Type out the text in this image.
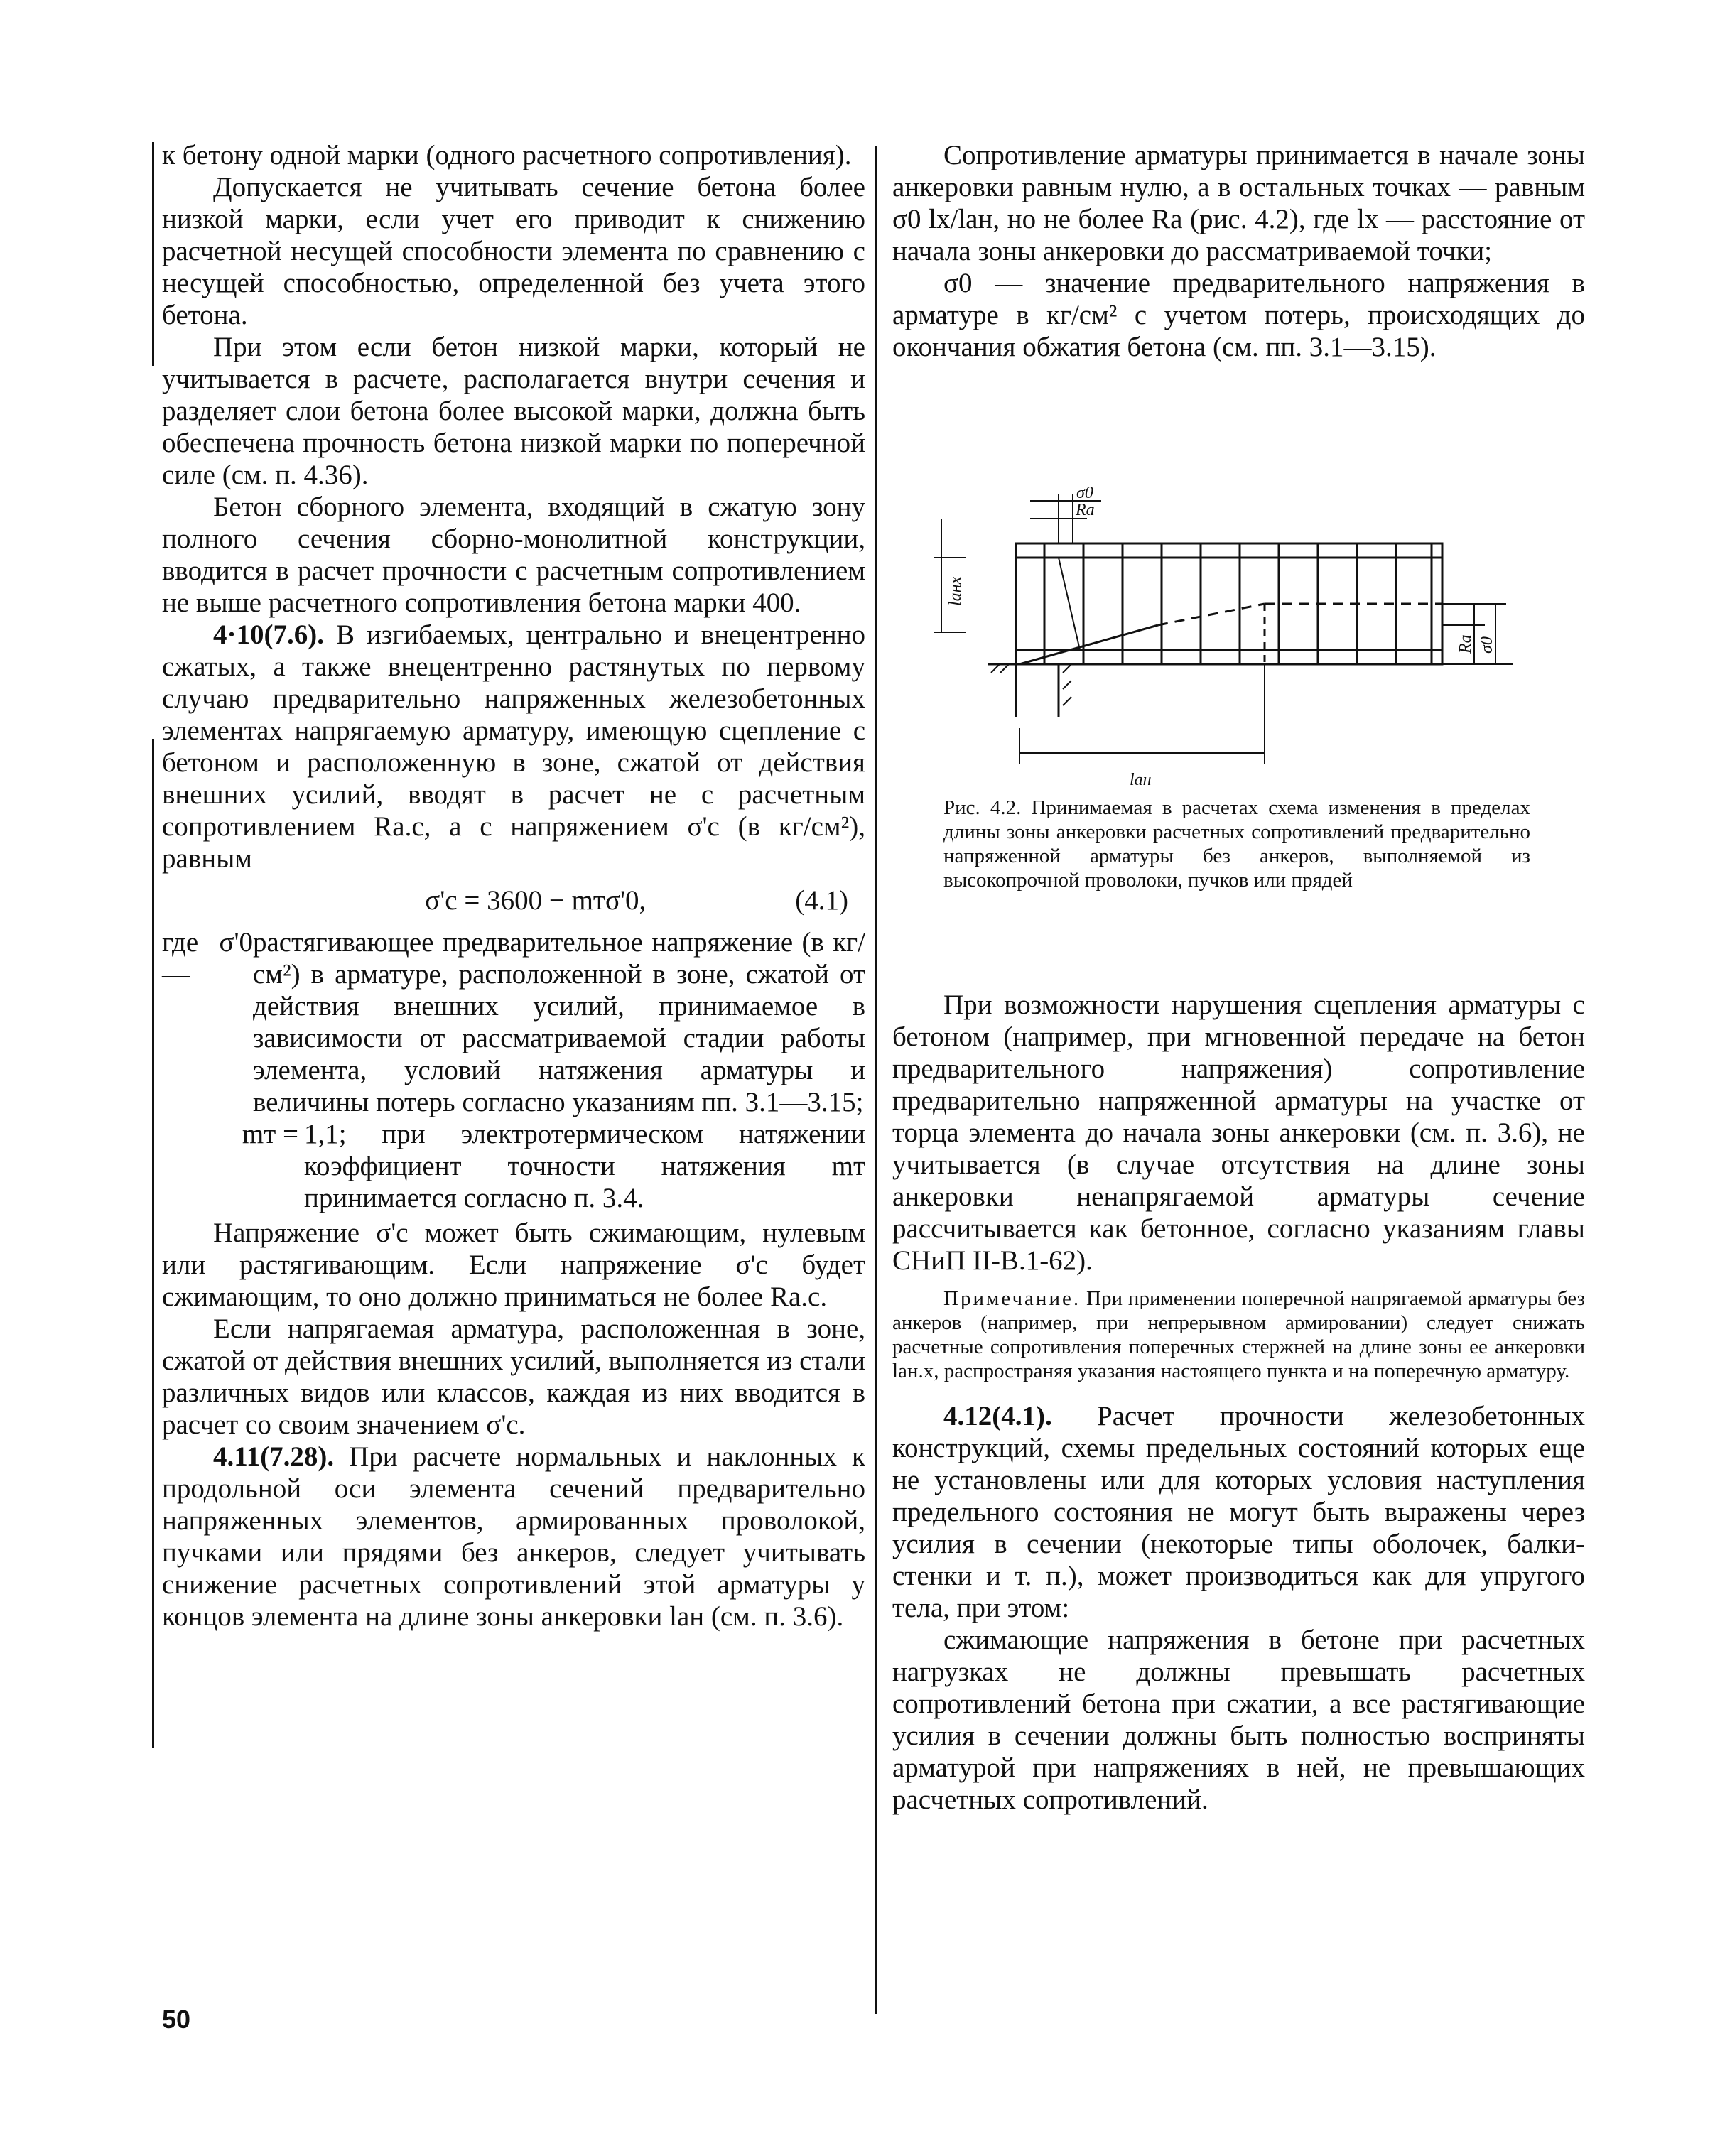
к бетону одной марки (одного расчетного сопротивления).

Допускается не учитывать сечение бетона более низкой марки, если учет его приводит к снижению расчетной несущей способности элемента по сравнению с несущей способностью, определенной без учета этого бетона.

При этом если бетон низкой марки, который не учитывается в расчете, располагается внутри сечения и разделяет слои бетона более высокой марки, должна быть обеспечена прочность бетона низкой марки по поперечной силе (см. п. 4.36).

Бетон сборного элемента, входящий в сжатую зону полного сечения сборно-монолитной конструкции, вводится в расчет прочности с расчетным сопротивлением не выше расчетного сопротивления бетона марки 400.

4·10(7.6). В изгибаемых, центрально и внецентренно сжатых, а также внецентренно растянутых по первому случаю предварительно напряженных железобетонных элементах напрягаемую арматуру, имеющую сцепление с бетоном и расположенную в зоне, сжатой от действия внешних усилий, вводят в расчет не с расчетным сопротивлением Rа.с, а с напряжением σ'с (в кг/см²), равным

σ'с = 3600 − mтσ'0,	(4.1)

где σ'0 —
растягивающее предварительное напряжение (в кг/см²) в арматуре, расположенной в зоне, сжатой от действия внешних усилий, принимаемое в зависимости от рассматриваемой стадии работы элемента, условий натяжения арматуры и величины потерь согласно указаниям пп. 3.1—3.15;
mт = 1,1; при электротермическом натяжении коэффициент точности натяжения mт принимается согласно п. 3.4.

Напряжение σ'с может быть сжимающим, нулевым или растягивающим. Если напряжение σ'с будет сжимающим, то оно должно приниматься не более Rа.с.

Если напрягаемая арматура, расположенная в зоне, сжатой от действия внешних усилий, выполняется из стали различных видов или классов, каждая из них вводится в расчет со своим значением σ'с.

4.11(7.28). При расчете нормальных и наклонных к продольной оси элемента сечений предварительно напряженных элементов, армированных проволокой, пучками или прядями без анкеров, следует учитывать снижение расчетных сопротивлений этой арматуры у концов элемента на длине зоны анкеровки lан (см. п. 3.6).

Сопротивление арматуры принимается в начале зоны анкеровки равным нулю, а в остальных точках — равным σ0 lx/lан, но не более Rа (рис. 4.2), где lx — расстояние от начала зоны анкеровки до рассматриваемой точки;

σ0 — значение предварительного напряжения в арматуре в кг/см² с учетом потерь, происходящих до окончания обжатия бетона (см. пп. 3.1—3.15).

σ0
Rа
lан
lанх
Rа σ0

Рис. 4.2. Принимаемая в расчетах схема изменения в пределах длины зоны анкеровки расчетных сопротивлений предварительно напряженной арматуры без анкеров, выполняемой из высокопрочной проволоки, пучков или прядей

При возможности нарушения сцепления арматуры с бетоном (например, при мгновенной передаче на бетон предварительного напряжения) сопротивление предварительно напряженной арматуры на участке от торца элемента до начала зоны анкеровки (см. п. 3.6), не учитывается (в случае отсутствия на длине зоны анкеровки ненапрягаемой арматуры сечение рассчитывается как бетонное, согласно указаниям главы СНиП II-В.1-62).

Примечание. При применении поперечной напрягаемой арматуры без анкеров (например, при непрерывном армировании) следует снижать расчетные сопротивления поперечных стержней на длине зоны ее анкеровки lан.х, распространяя указания настоящего пункта и на поперечную арматуру.

4.12(4.1). Расчет прочности железобетонных конструкций, схемы предельных состояний которых еще не установлены или для которых условия наступления предельного состояния не могут быть выражены через усилия в сечении (некоторые типы оболочек, балки-стенки и т. п.), может производиться как для упругого тела, при этом:

сжимающие напряжения в бетоне при расчетных нагрузках не должны превышать расчетных сопротивлений бетона при сжатии, а все растягивающие усилия в сечении должны быть полностью восприняты арматурой при напряжениях в ней, не превышающих расчетных сопротивлений.

50
